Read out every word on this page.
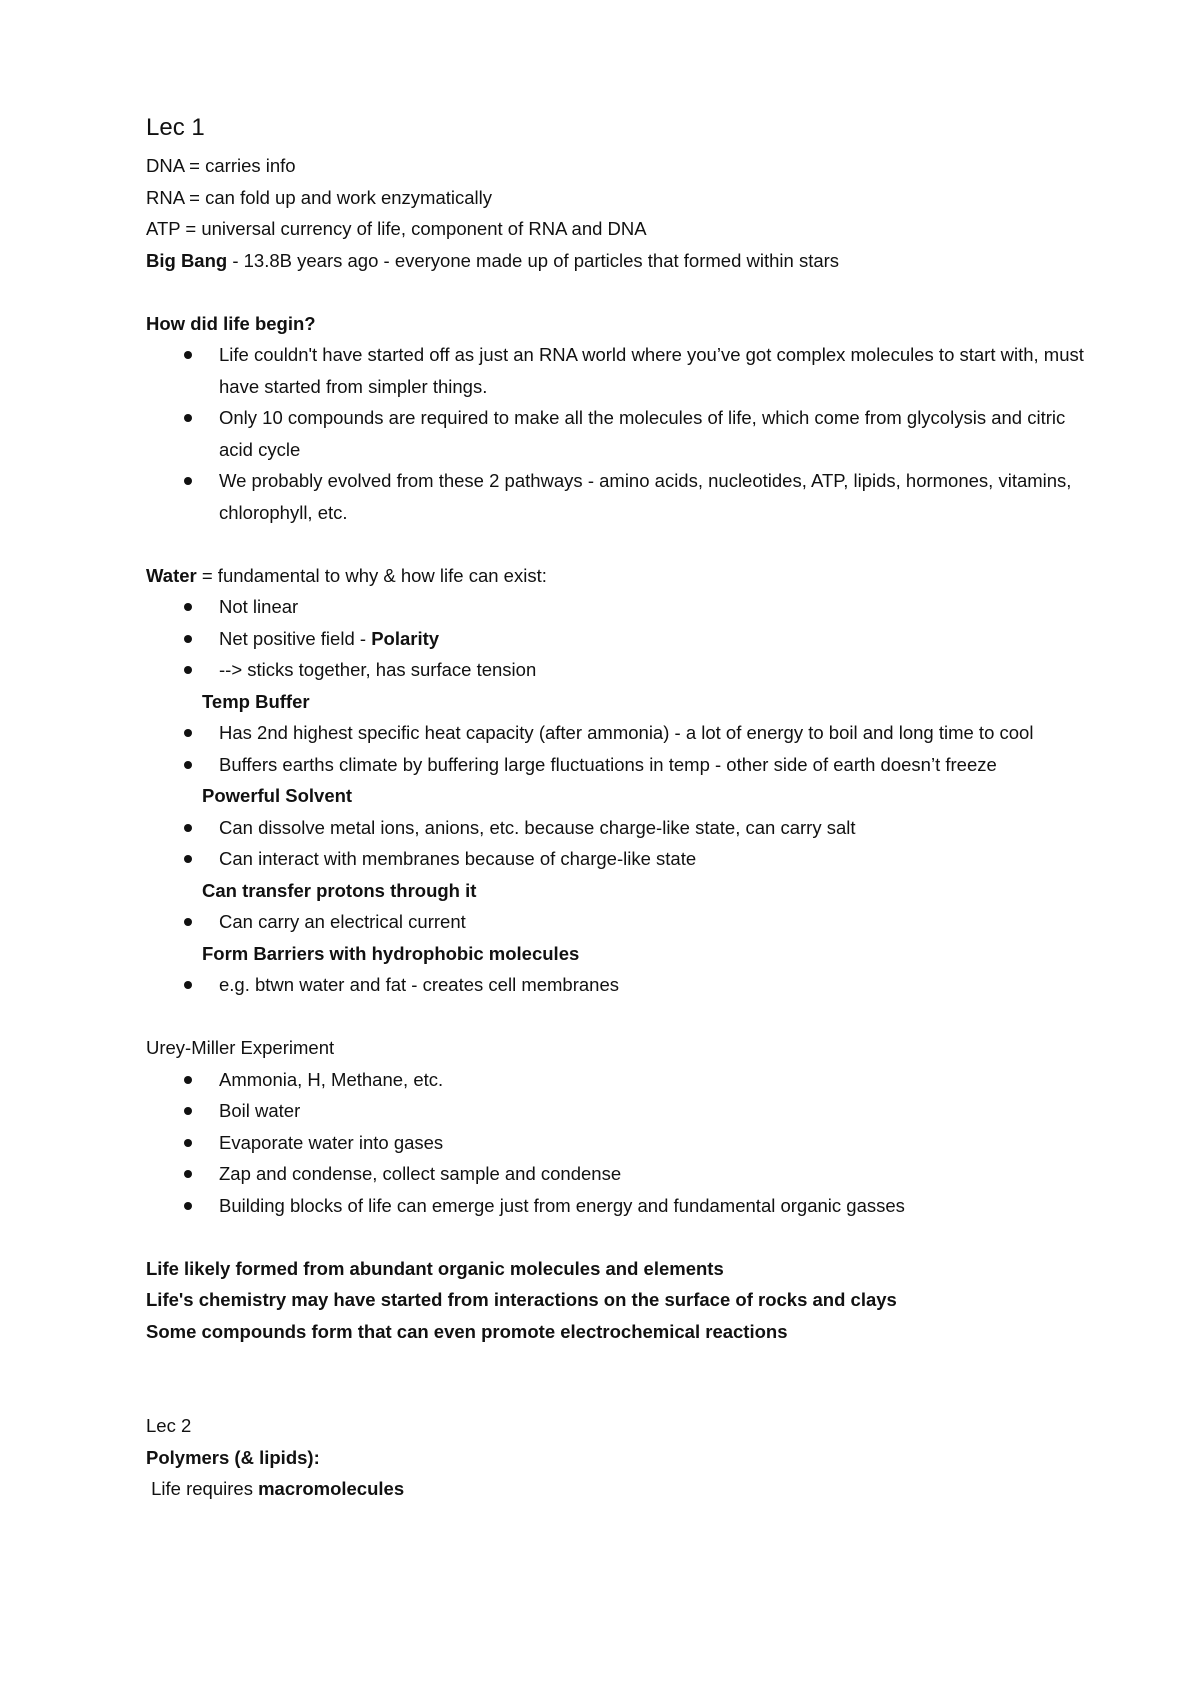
Lec 1
DNA = carries info
RNA = can fold up and work enzymatically
ATP = universal currency of life, component of RNA and DNA
Big Bang - 13.8B years ago - everyone made up of particles that formed within stars
How did life begin?
Life couldn't have started off as just an RNA world where you’ve got complex molecules to start with, must have started from simpler things.
Only 10 compounds are required to make all the molecules of life, which come from glycolysis and citric acid cycle
We probably evolved from these 2 pathways - amino acids, nucleotides, ATP, lipids, hormones, vitamins, chlorophyll, etc.
Water = fundamental to why & how life can exist:
Not linear
Net positive field - Polarity
--> sticks together, has surface tension
Temp Buffer
Has 2nd highest specific heat capacity (after ammonia) - a lot of energy to boil and long time to cool
Buffers earths climate by buffering large fluctuations in temp - other side of earth doesn’t freeze
Powerful Solvent
Can dissolve metal ions, anions, etc. because charge-like state, can carry salt
Can interact with membranes because of charge-like state
Can transfer protons through it
Can carry an electrical current
Form Barriers with hydrophobic molecules
e.g. btwn water and fat - creates cell membranes
Urey-Miller Experiment
Ammonia, H, Methane, etc.
Boil water
Evaporate water into gases
Zap and condense, collect sample and condense
Building blocks of life can emerge just from energy and fundamental organic gasses
Life likely formed from abundant organic molecules and elements
Life's chemistry may have started from interactions on the surface of rocks and clays
Some compounds form that can even promote electrochemical reactions
Lec 2
Polymers (& lipids):
Life requires macromolecules
